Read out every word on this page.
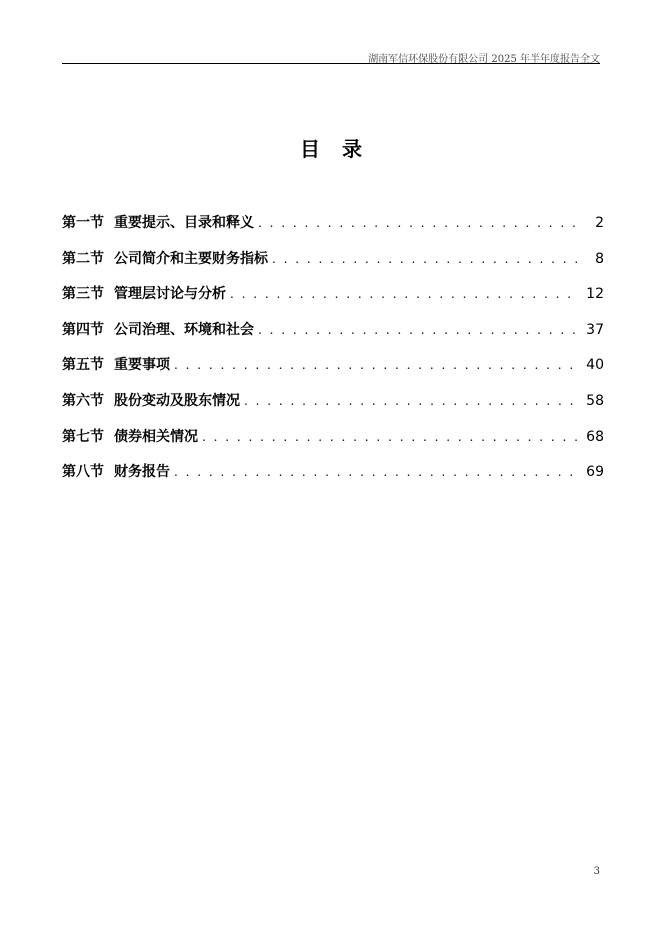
湖南军信环保股份有限公司 2025 年半年度报告全文
目录
第一节 重要提示、目录和释义 . . .	2
第二节 公司简介和主要财务指标 . . .	8
第三节 管理层讨论与分析 . . .	12
第四节 公司治理、环境和社会 . . .	37
第五节 重要事项 . . .	40
第六节 股份变动及股东情况 . . .	58
第七节 债券相关情况 . . .	68
第八节 财务报告 . . .	69
3
